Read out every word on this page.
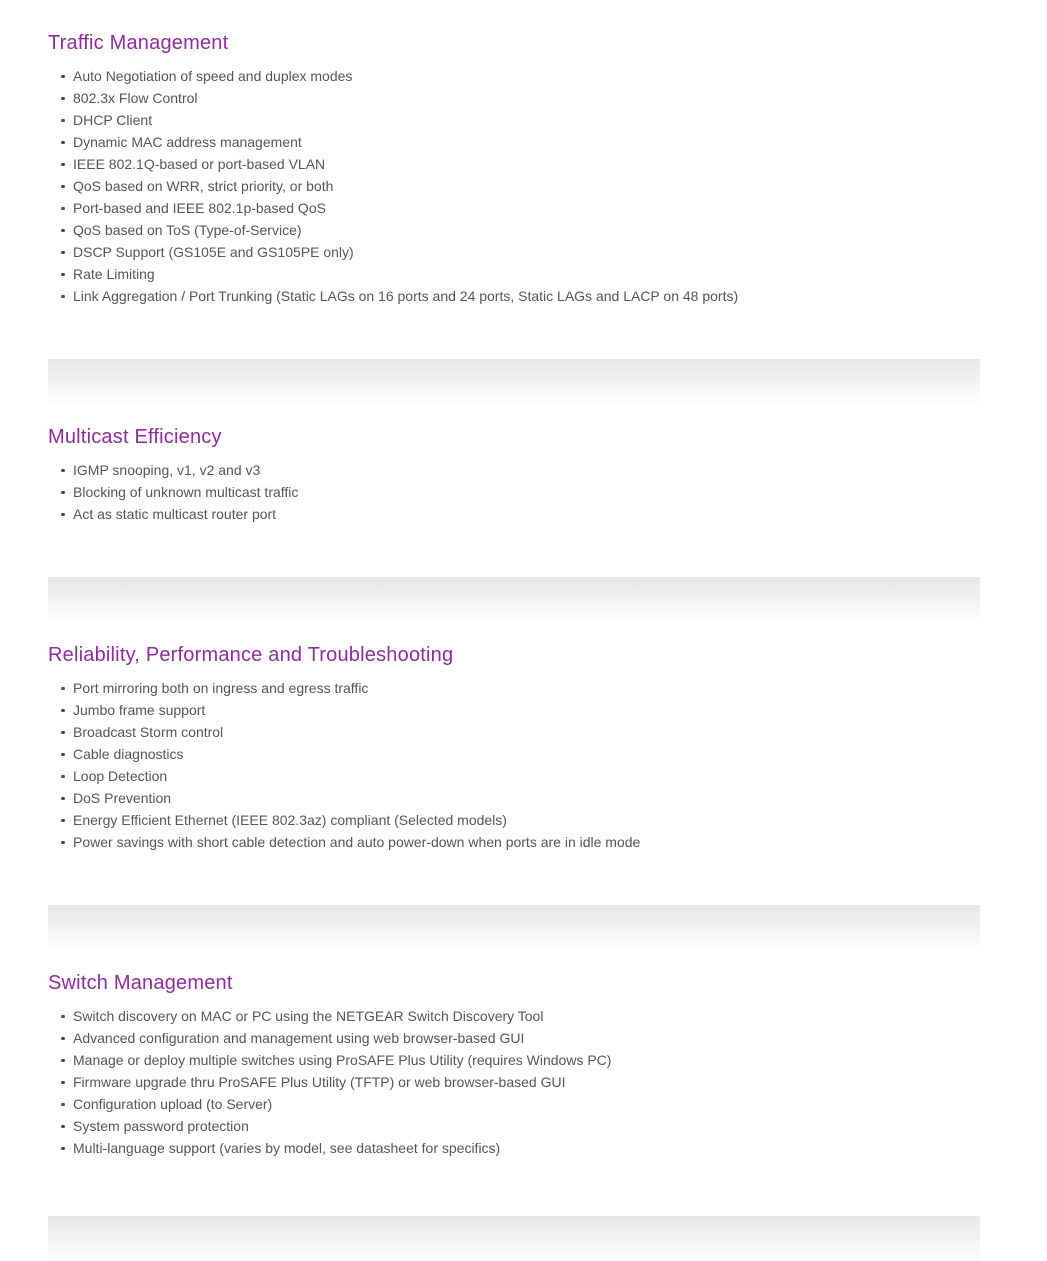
Traffic Management
Auto Negotiation of speed and duplex modes
802.3x Flow Control
DHCP Client
Dynamic MAC address management
IEEE 802.1Q-based or port-based VLAN
QoS based on WRR, strict priority, or both
Port-based and IEEE 802.1p-based QoS
QoS based on ToS (Type-of-Service)
DSCP Support (GS105E and GS105PE only)
Rate Limiting
Link Aggregation / Port Trunking (Static LAGs on 16 ports and 24 ports, Static LAGs and LACP on 48 ports)
Multicast Efficiency
IGMP snooping, v1, v2 and v3
Blocking of unknown multicast traffic
Act as static multicast router port
Reliability, Performance and Troubleshooting
Port mirroring both on ingress and egress traffic
Jumbo frame support
Broadcast Storm control
Cable diagnostics
Loop Detection
DoS Prevention
Energy Efficient Ethernet (IEEE 802.3az) compliant (Selected models)
Power savings with short cable detection and auto power-down when ports are in idle mode
Switch Management
Switch discovery on MAC or PC using the NETGEAR Switch Discovery Tool
Advanced configuration and management using web browser-based GUI
Manage or deploy multiple switches using ProSAFE Plus Utility (requires Windows PC)
Firmware upgrade thru ProSAFE Plus Utility (TFTP) or web browser-based GUI
Configuration upload (to Server)
System password protection
Multi-language support (varies by model, see datasheet for specifics)
